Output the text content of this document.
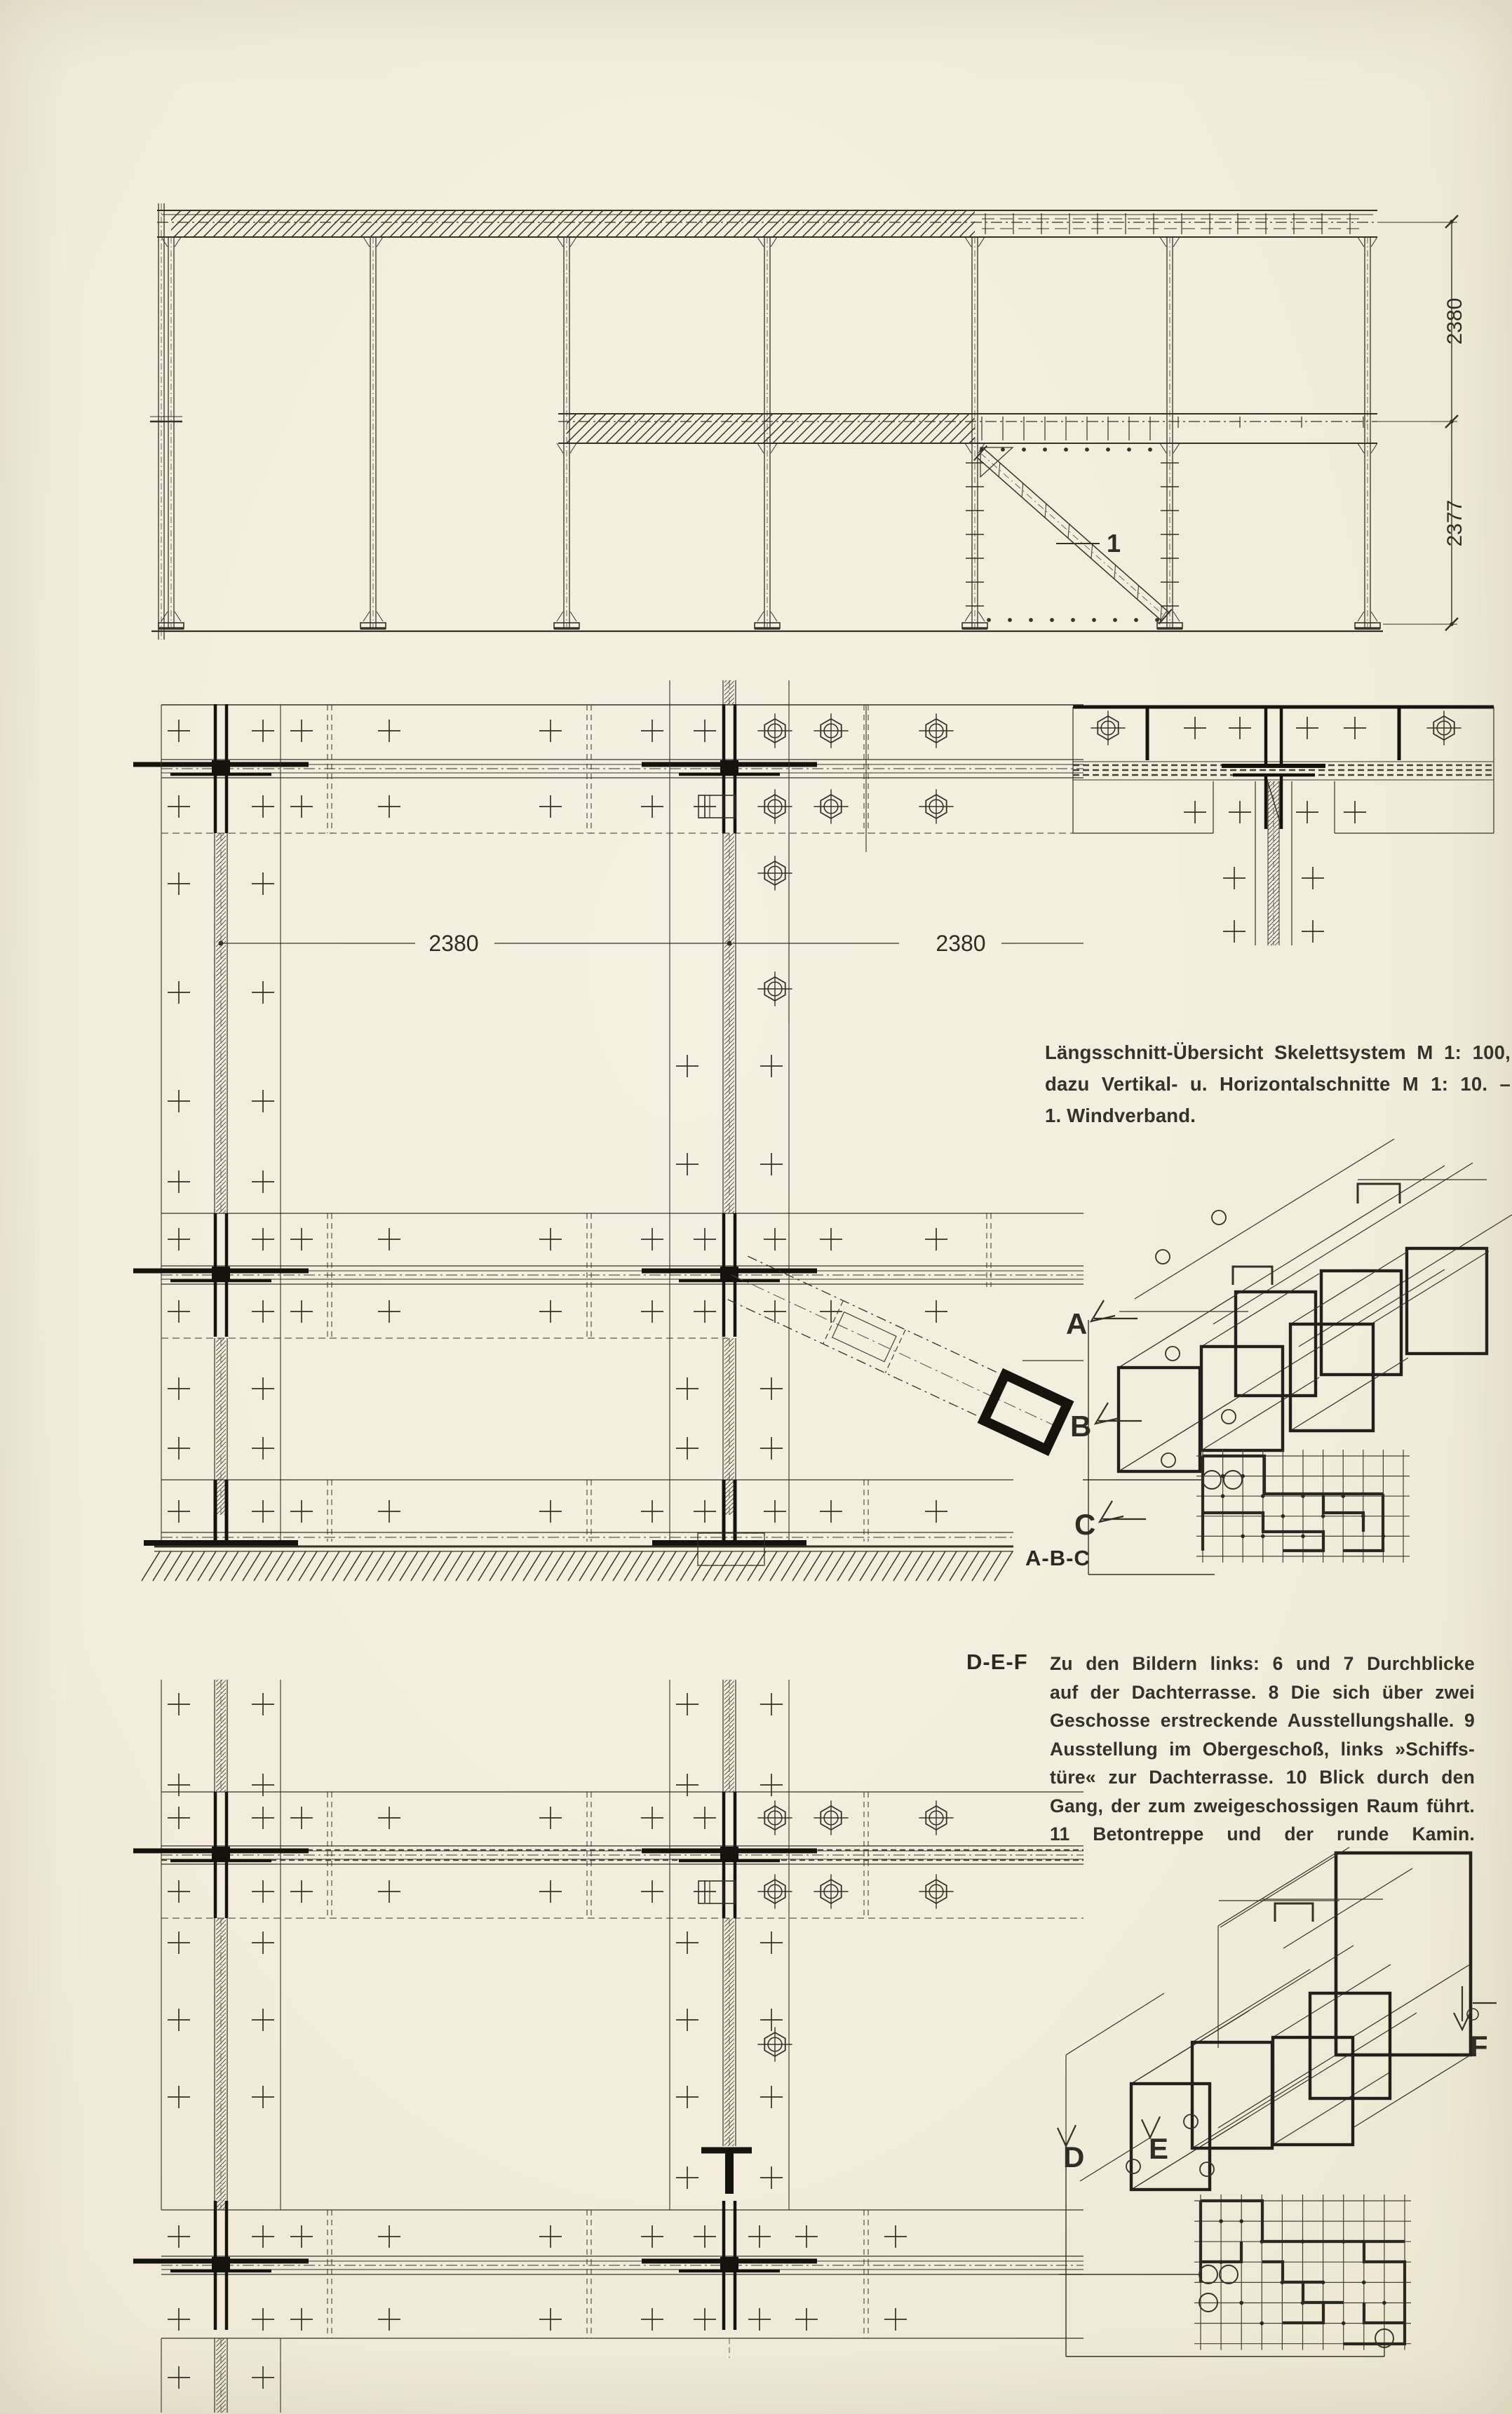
2380
2377
1
2380	2380
A
B
C
D E
F
Längsschnitt-Übersicht Skelettsystem M 1: 100,
dazu Vertikal- u. Horizontalschnitte M 1: 10. –
1. Windverband.
Zu den Bildern links: 6 und 7 Durchblicke
auf der Dachterrasse. 8 Die sich über zwei
Geschosse erstreckende Ausstellungshalle. 9
Ausstellung im Obergeschoß, links »Schiffs-
türe« zur Dachterrasse. 10 Blick durch den
Gang, der zum zweigeschossigen Raum führt.
11 Betontreppe und der runde Kamin.
A-B-C
D-E-F
